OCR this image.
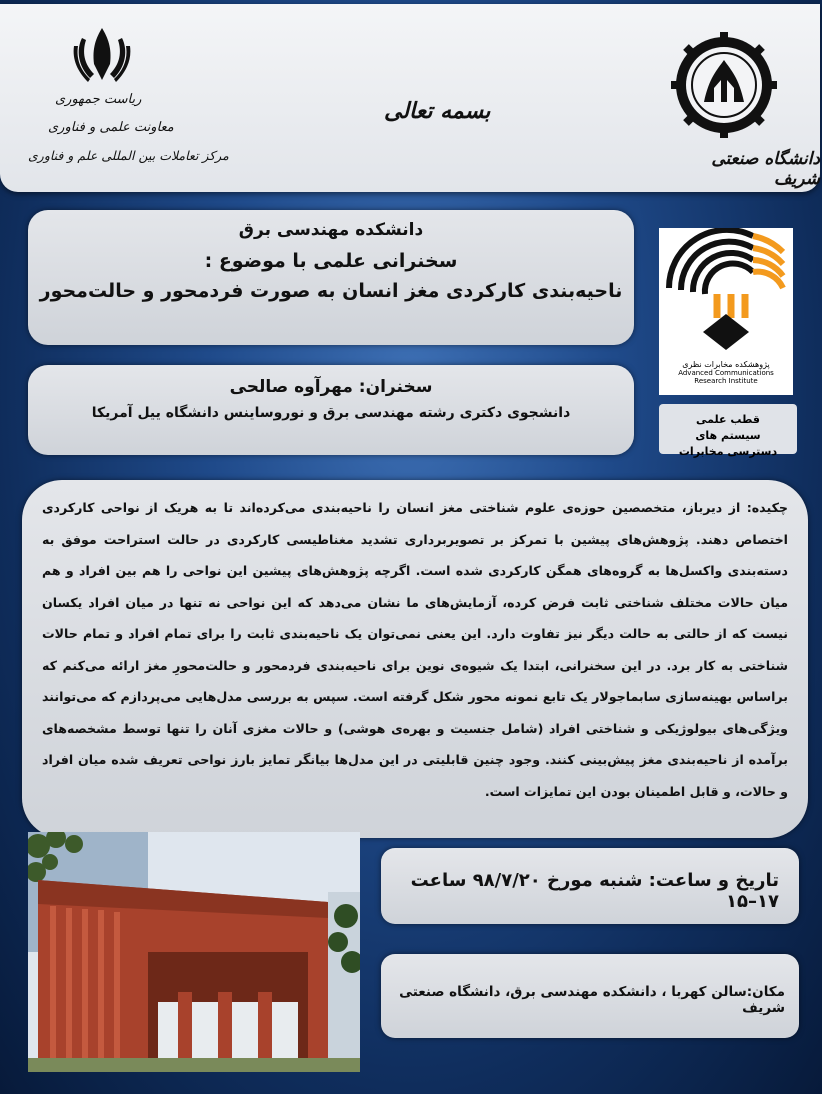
ریاست جمهوری
معاونت علمی و فناوری
مرکز تعاملات بین المللی علم و فناوری
بسمه تعالی
دانشگاه صنعتی شریف
دانشکده مهندسی برق
سخنرانی علمی با موضوع :
ناحیه‌بندی کارکردی مغز انسان به صورت فردمحور و حالت‌محور
پژوهشکده مخابرات نظری
Advanced Communications
Research Institute
قطب علمی سیستم های دسترسی مخابرات
سخنران: مهرآوه صالحی
دانشجوی دکتری رشته مهندسی برق و نوروساینس دانشگاه ییل آمریکا

چکیده: از دیرباز، متخصصین حوزه‌ی علوم شناختی مغز انسان را ناحیه‌بندی می‌کرده‌اند تا به هریک از نواحی کارکردی اختصاص دهند. پژوهش‌های پیشین با تمرکز بر تصویربرداری تشدید مغناطیسی کارکردی در حالت استراحت موفق به دسته‌بندی واکسل‌ها به گروه‌های همگن کارکردی شده است. اگرچه پژوهش‌های پیشین این نواحی را هم بین افراد و هم میان حالات مختلف شناختی ثابت فرض کرده، آزمایش‌های ما نشان می‌دهد که این نواحی نه تنها در میان افراد یکسان نیست که از حالتی به حالت دیگر نیز تفاوت دارد. این یعنی نمی‌توان یک ناحیه‌بندی ثابت را برای تمام افراد و تمام حالات شناختی به کار برد. در این سخنرانی، ابتدا یک شیوه‌ی نوین برای ناحیه‌بندی فردمحور و حالت‌محورِ مغز ارائه می‌کنم که براساس بهینه‌سازی سابماجولار یک تابع نمونه محور شکل گرفته است. سپس به بررسی مدل‌هایی می‌پردازم که می‌توانند ویژگی‌های بیولوژیکی و شناختی افراد (شامل جنسیت و بهره‌ی هوشی) و حالات مغزی آنان را تنها توسط مشخصه‌های برآمده از ناحیه‌بندی مغز پیش‌بینی کنند. وجود چنین قابلیتی در این مدل‌ها بیانگر تمایز بارز نواحی تعریف شده میان افراد و حالات، و قابل اطمینان بودن این تمایزات است.

تاریخ و ساعت: شنبه مورخ ۹۸/۷/۲۰ ساعت ۱۷–۱۵
مکان:سالن کهربا ، دانشکده مهندسی برق، دانشگاه صنعتی شریف
